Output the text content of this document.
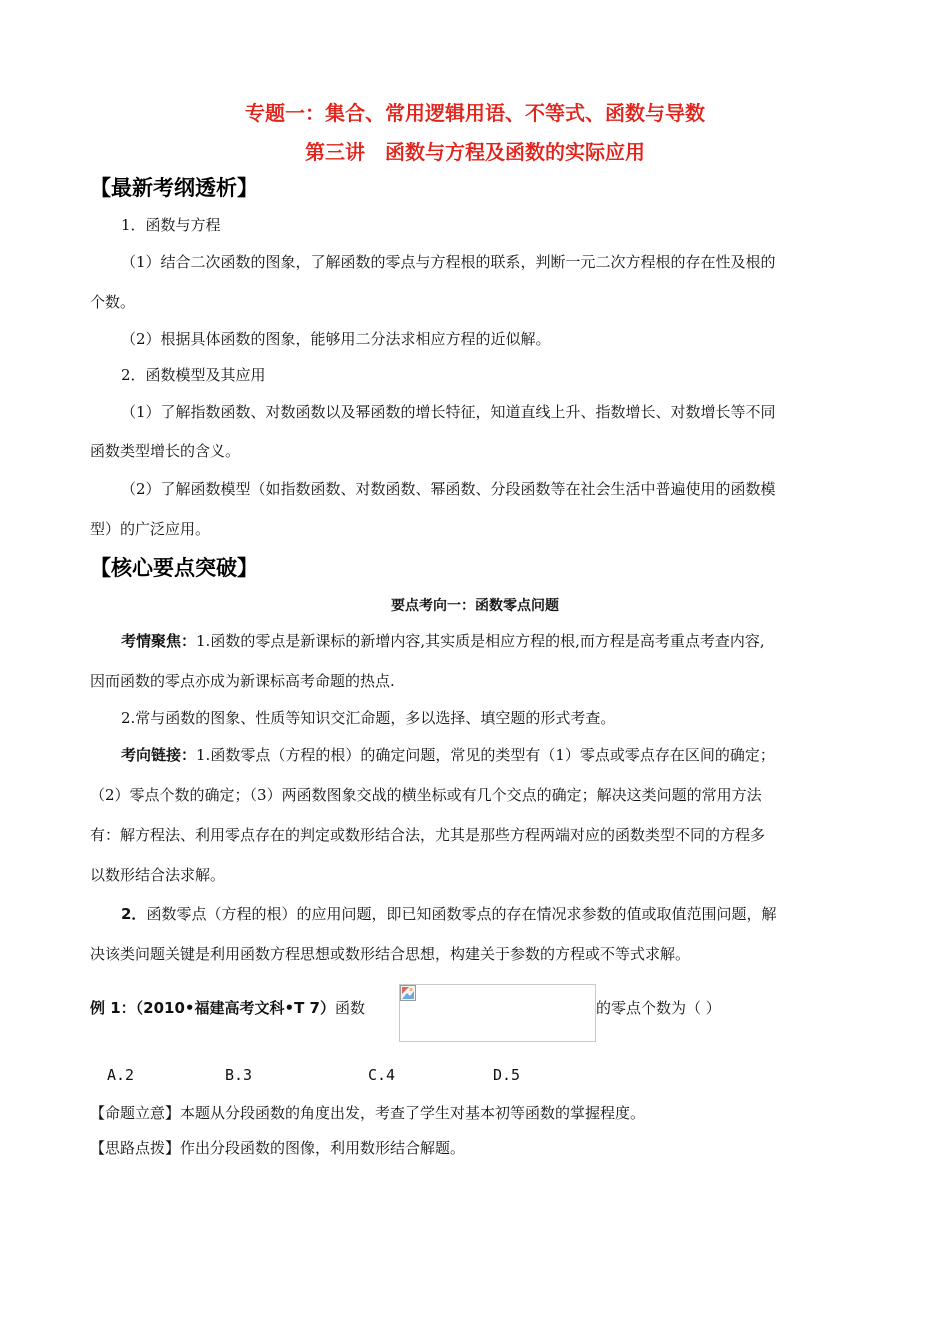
专题一：集合、常用逻辑用语、不等式、函数与导数
第三讲　函数与方程及函数的实际应用
【最新考纲透析】
1．函数与方程
（1）结合二次函数的图象，了解函数的零点与方程根的联系，判断一元二次方程根的存在性及根的
个数。
（2）根据具体函数的图象，能够用二分法求相应方程的近似解。
2．函数模型及其应用
（1）了解指数函数、对数函数以及幂函数的增长特征，知道直线上升、指数增长、对数增长等不同
函数类型增长的含义。
（2）了解函数模型（如指数函数、对数函数、幂函数、分段函数等在社会生活中普遍使用的函数模
型）的广泛应用。
【核心要点突破】
要点考向一：函数零点问题
考情聚焦：1.函数的零点是新课标的新增内容,其实质是相应方程的根,而方程是高考重点考查内容,
因而函数的零点亦成为新课标高考命题的热点.
2.常与函数的图象、性质等知识交汇命题，多以选择、填空题的形式考查。
考向链接：1.函数零点（方程的根）的确定问题，常见的类型有（1）零点或零点存在区间的确定；
（2）零点个数的确定；（3）两函数图象交战的横坐标或有几个交点的确定；解决这类问题的常用方法
有：解方程法、利用零点存在的判定或数形结合法，尤其是那些方程两端对应的函数类型不同的方程多
以数形结合法求解。
2．函数零点（方程的根）的应用问题，即已知函数零点的存在情况求参数的值或取值范围问题，解
决该类问题关键是利用函数方程思想或数形结合思想，构建关于参数的方程或不等式求解。
例 1：（2010•福建高考文科•T 7）函数	的零点个数为（ ）
A.2	B.3	C.4	D.5
【命题立意】本题从分段函数的角度出发，考查了学生对基本初等函数的掌握程度。
【思路点拨】作出分段函数的图像，利用数形结合解题。
